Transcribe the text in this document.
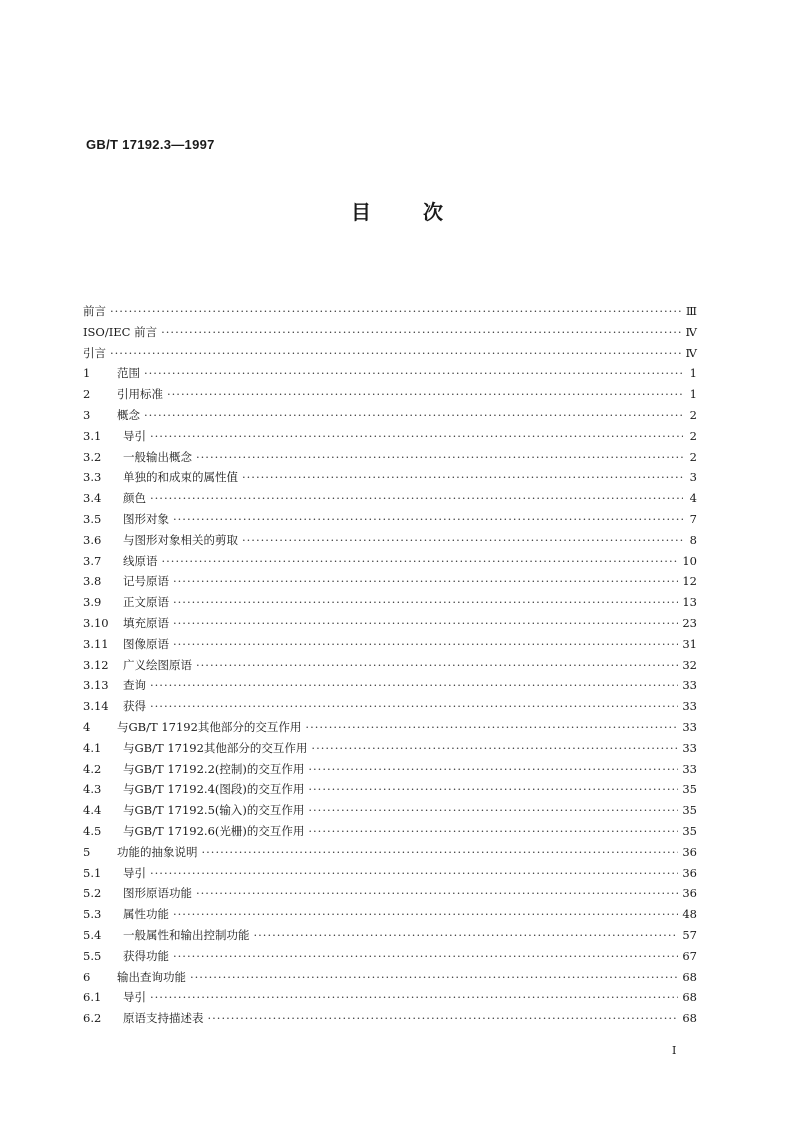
GB/T 17192.3—1997
目	次
前言 ·····	Ⅲ
ISO/IEC 前言 ·····	Ⅳ
引言 ·····	Ⅳ
1	范围 ·····	1
2	引用标准 ·····	1
3	概念 ·····	2
3.1	导引 ·····	2
3.2	一般输出概念 ·····	2
3.3	单独的和成束的属性值 ·····	3
3.4	颜色 ·····	4
3.5	图形对象 ·····	7
3.6	与图形对象相关的剪取 ·····	8
3.7	线原语 ·····	10
3.8	记号原语 ·····	12
3.9	正文原语 ·····	13
3.10	填充原语 ·····	23
3.11	图像原语 ·····	31
3.12	广义绘图原语 ·····	32
3.13	查询 ·····	33
3.14	获得 ·····	33
4	与GB/T 17192其他部分的交互作用 ·····	33
4.1	与GB/T 17192其他部分的交互作用 ·····	33
4.2	与GB/T 17192.2(控制)的交互作用 ·····	33
4.3	与GB/T 17192.4(图段)的交互作用 ·····	35
4.4	与GB/T 17192.5(输入)的交互作用 ·····	35
4.5	与GB/T 17192.6(光栅)的交互作用 ·····	35
5	功能的抽象说明 ·····	36
5.1	导引 ·····	36
5.2	图形原语功能 ·····	36
5.3	属性功能 ·····	48
5.4	一般属性和输出控制功能 ·····	57
5.5	获得功能 ·····	67
6	输出查询功能 ·····	68
6.1	导引 ·····	68
6.2	原语支持描述表 ·····	68
I
